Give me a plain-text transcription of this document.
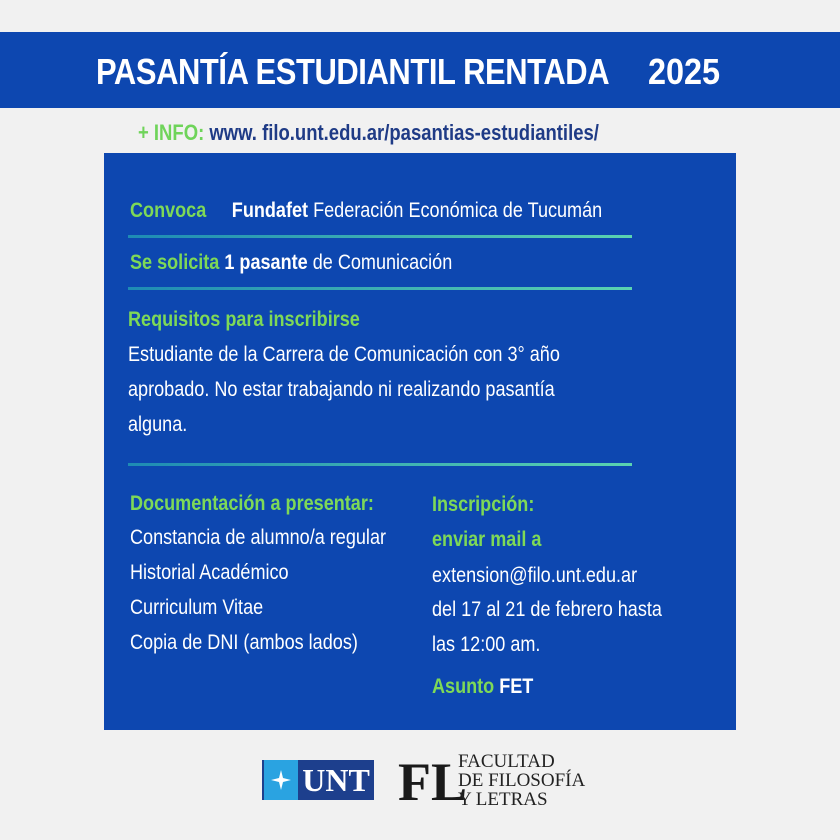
PASANTÍA ESTUDIANTIL RENTADA	2025
+ INFO: www. filo.unt.edu.ar/pasantias-estudiantiles/
Convoca Fundafet Federación Económica de Tucumán
Se solicita 1 pasante de Comunicación
Requisitos para inscribirse
Estudiante de la Carrera de Comunicación con 3° año
aprobado. No estar trabajando ni realizando pasantía
alguna.
Documentación a presentar:
Constancia de alumno/a regular
Historial Académico
Curriculum Vitae
Copia de DNI (ambos lados)
Inscripción:
enviar mail a
extension@filo.unt.edu.ar
del 17 al 21 de febrero hasta
las 12:00 am.
Asunto FET
UNT FL
FACULTAD
DE FILOSOFÍA
Y LETRAS
